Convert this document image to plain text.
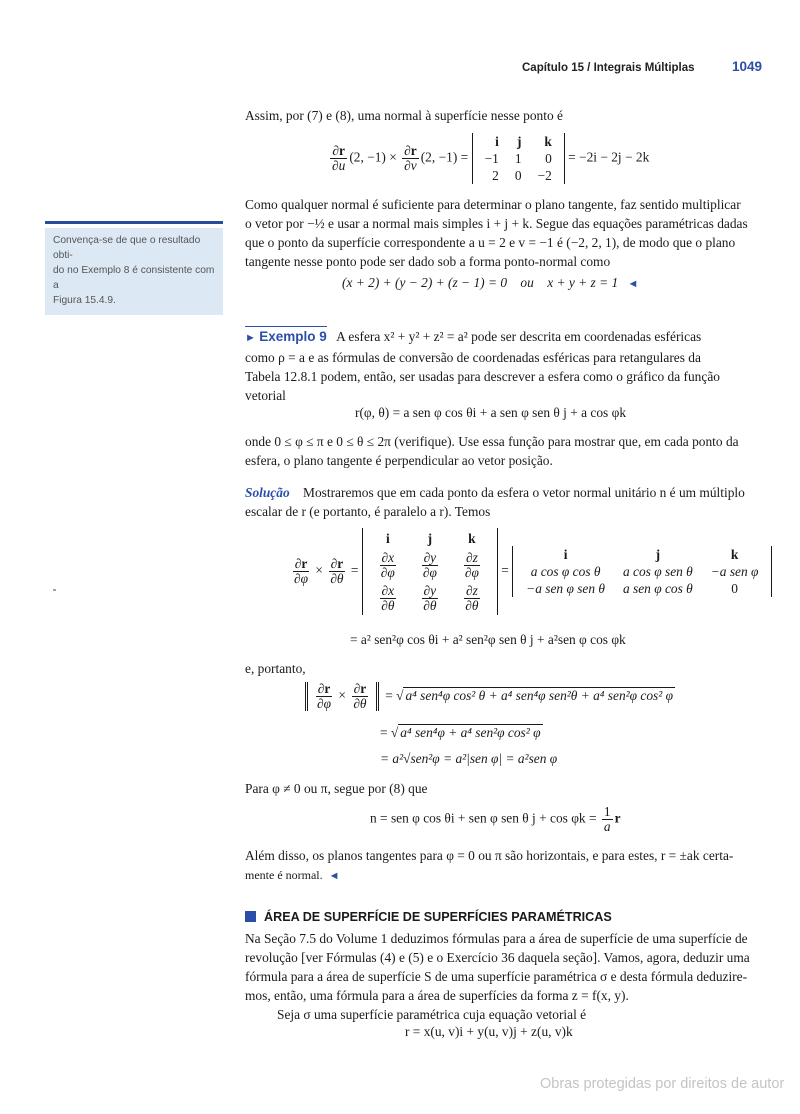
Capítulo 15 / Integrais Múltiplas	1049
Assim, por (7) e (8), uma normal à superfície nesse ponto é
$\frac{\partial r}{\partial u} (2$, $-1) \times \frac{\partial r}{\partial v} (2$, −1) =
i	j	k
−1	1	0
2	0	−2
= −2i − 2j − 2k
Convença-se de que o resultado obti-
do no Exemplo 8 é consistente com a
Figura 15.4.9.
Como qualquer normal é suficiente para determinar o plano tangente, faz sentido multiplicar
o vetor por −½ e usar a normal mais simples i + j + k. Segue das equações paramétricas dadas
que o ponto da superfície correspondente a u = 2 e v = −1 é (−2, 2, 1), de modo que o plano
tangente nesse ponto pode ser dado sob a forma ponto-normal como
(x + 2) + (y − 2) + (z − 1) = 0    ou    x + y + z = 1 ◄
► Exemplo 9 A esfera x² + y² + z² = a² pode ser descrita em coordenadas esféricas
como ρ = a e as fórmulas de conversão de coordenadas esféricas para retangulares da
Tabela 12.8.1 podem, então, ser usadas para descrever a esfera como o gráfico da função
vetorial
r(φ, θ) = a sen φ cos θi + a sen φ sen θ j + a cos φk
onde 0 ≤ φ ≤ π e 0 ≤ θ ≤ 2π (verifique). Use essa função para mostrar que, em cada ponto da
esfera, o plano tangente é perpendicular ao vetor posição.
Solução Mostraremos que em cada ponto da esfera o vetor normal unitário n é um múltiplo
escalar de r (e portanto, é paralelo a r). Temos
$\frac{\partial r}{\partial\varphi} \times \frac{\partial r}{\partial\theta}$ =
i	j	k

$\frac{\partial x}{\partial\varphi}$	$\frac{\partial y}{\partial\varphi}$	$\frac{\partial z}{\partial\varphi}$

$\frac{\partial x}{\partial\theta}$	$\frac{\partial y}{\partial\theta}$	$\frac{\partial z}{\partial\theta}$
=
i	j	k
a cos φ cos θ	a cos φ sen θ	−a sen φ
−a sen φ sen θ	a sen φ cos θ	0
= a² sen²φ cos θi + a² sen²φ sen θ j + a²sen φ cos φk
e, portanto,
$\frac{\partial r}{\partial\varphi} \times \frac{\partial r}{\partial\theta}$ = √ a⁴ sen⁴φ cos² θ + a⁴ sen⁴φ sen²θ + a⁴ sen²φ cos² φ
= √ a⁴ sen⁴φ + a⁴ sen²φ cos² φ
= a²√sen²φ = a²|sen φ| = a²sen φ
Para φ ≠ 0 ou π, segue por (8) que
n = sen φ cos θi + sen φ sen θ $j + \cos \varphi k = \frac{1}{a}$ r
Além disso, os planos tangentes para φ = 0 ou π são horizontais, e para estes, r = ±ak certa-
mente é normal. ◄
ÁREA DE SUPERFÍCIE DE SUPERFÍCIES PARAMÉTRICAS
Na Seção 7.5 do Volume 1 deduzimos fórmulas para a área de superfície de uma superfície de
revolução [ver Fórmulas (4) e (5) e o Exercício 36 daquela seção]. Vamos, agora, deduzir uma
fórmula para a área de superfície S de uma superfície paramétrica σ e desta fórmula deduzire-
mos, então, uma fórmula para a área de superfícies da forma z = f(x, y).
Seja σ uma superfície paramétrica cuja equação vetorial é
r = x(u, v)i + y(u, v)j + z(u, v)k
Obras protegidas por direitos de autor
